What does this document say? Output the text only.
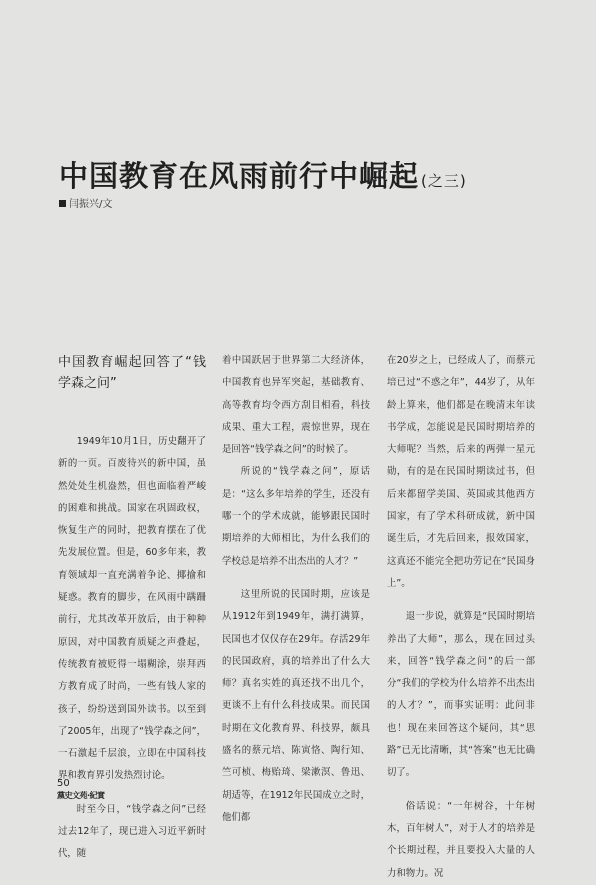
中国教育在风雨前行中崛起 (之三)
闫振兴/文
中国教育崛起回答了“钱学森之问”

1949年10月1日，历史翻开了新的一页。百废待兴的新中国，虽然处处生机盎然，但也面临着严峻的困难和挑战。国家在巩固政权，恢复生产的同时，把教育摆在了优先发展位置。但是，60多年来，教育领域却一直充满着争论、揶揄和疑惑。教育的脚步，在风雨中蹒跚前行，尤其改革开放后，由于种种原因，对中国教育质疑之声叠起，传统教育被贬得一塌糊涂，崇拜西方教育成了时尚，一些有钱人家的孩子，纷纷送到国外读书。以至到了2005年，出现了“钱学森之问”，一石激起千层浪，立即在中国科技界和教育界引发热烈讨论。

时至今日，“钱学森之问”已经过去12年了，现已进入习近平新时代，随

着中国跃居于世界第二大经济体，中国教育也异军突起，基础教育、高等教育均令西方刮目相看，科技成果、重大工程，震惊世界，现在是回答“钱学森之问”的时候了。

所说的“钱学森之问”，原话是：“这么多年培养的学生，还没有哪一个的学术成就，能够跟民国时期培养的大师相比，为什么我们的学校总是培养不出杰出的人才？”

这里所说的民国时期，应该是从1912年到1949年，满打满算，民国也才仅仅存在29年。存活29年的民国政府，真的培养出了什么大师？真名实姓的真还找不出几个，更谈不上有什么科技成果。而民国时期在文化教育界、科技界，颇具盛名的蔡元培、陈寅恪、陶行知、竺可桢、梅贻琦、梁漱溟、鲁迅、胡适等，在1912年民国成立之时，他们都

在20岁之上，已经成人了，而蔡元培已过“不惑之年”，44岁了，从年龄上算来，他们都是在晚清末年读书学成，怎能说是民国时期培养的大师呢？当然，后来的两弹一星元勋，有的是在民国时期读过书，但后来都留学美国、英国或其他西方国家，有了学术科研成就，新中国诞生后，才先后回来，报效国家，这真还不能完全把功劳记在“民国身上”。

退一步说，就算是“民国时期培养出了大师”，那么，现在回过头来，回答“钱学森之问”的后一部分“我们的学校为什么培养不出杰出的人才？”，而事实证明：此问非也！现在来回答这个疑问，其“思路”已无比清晰，其“答案”也无比确切了。

俗话说：“一年树谷，十年树木，百年树人”，对于人才的培养是个长期过程，并且要投入大量的人力和物力。况

50
黨史文苑·紀實
